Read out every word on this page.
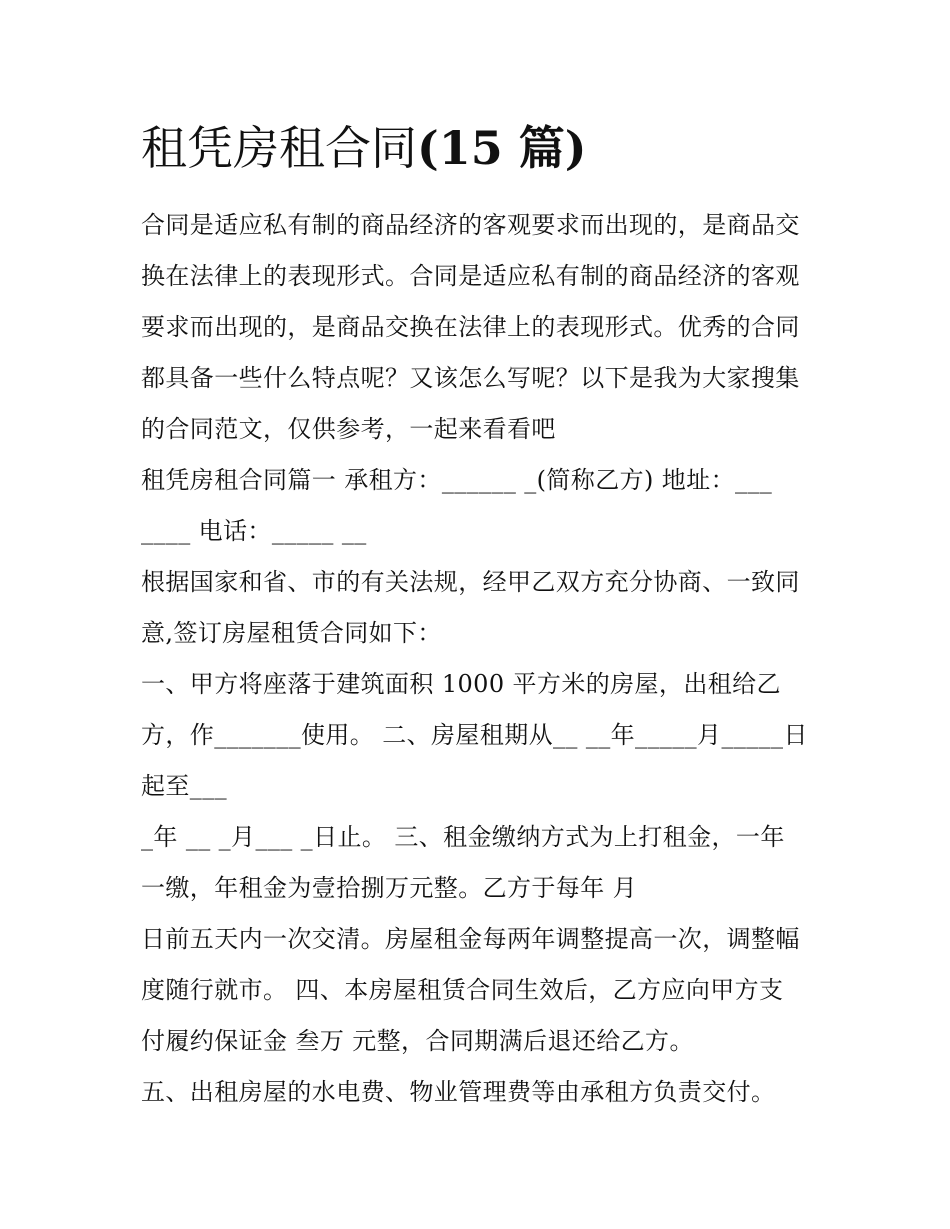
租凭房租合同(15 篇)
合同是适应私有制的商品经济的客观要求而出现的，是商品交
换在法律上的表现形式。合同是适应私有制的商品经济的客观
要求而出现的，是商品交换在法律上的表现形式。优秀的合同
都具备一些什么特点呢？又该怎么写呢？以下是我为大家搜集
的合同范文，仅供参考，一起来看看吧
租凭房租合同篇一 承租方：______ _(简称乙方) 地址：___
____ 电话：_____ __
根据国家和省、市的有关法规，经甲乙双方充分协商、一致同
意,签订房屋租赁合同如下：
一、甲方将座落于建筑面积 1000 平方米的房屋，出租给乙
方，作_______使用。 二、房屋租期从__ __年_____月_____日
起至___
_年 __ _月___ _日止。 三、租金缴纳方式为上打租金，一年
一缴，年租金为壹拾捌万元整。乙方于每年 月
日前五天内一次交清。房屋租金每两年调整提高一次，调整幅
度随行就市。 四、本房屋租赁合同生效后，乙方应向甲方支
付履约保证金 叁万 元整，合同期满后退还给乙方。
五、出租房屋的水电费、物业管理费等由承租方负责交付。
